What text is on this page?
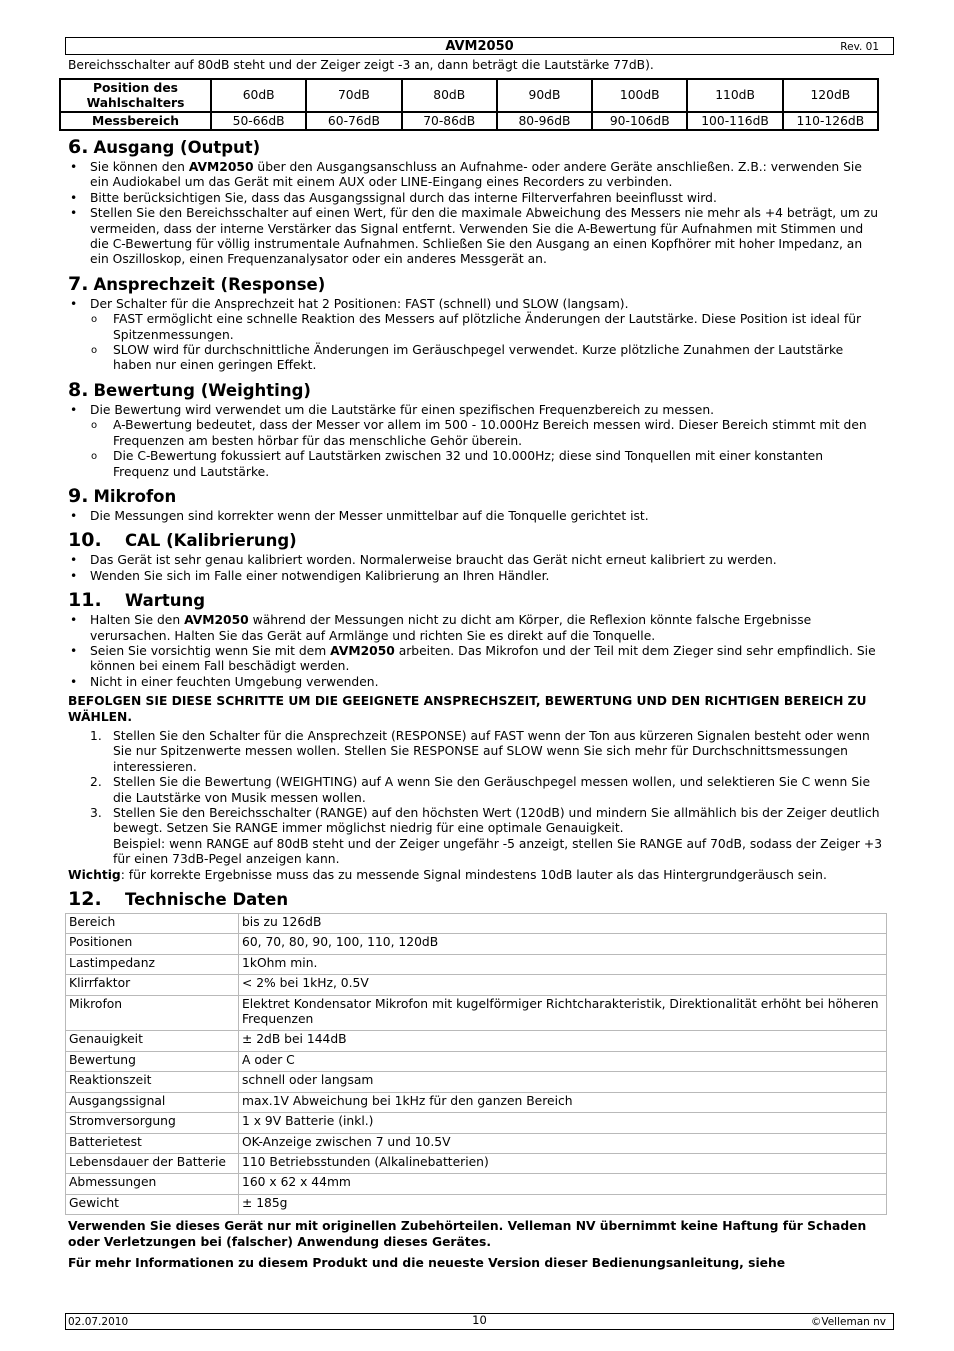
AVM2050	Rev. 01
Bereichsschalter auf 80dB steht und der Zeiger zeigt -3 an, dann beträgt die Lautstärke 77dB).
Position des Wahlschalters	60dB	70dB	80dB	90dB	100dB	110dB	120dB
Messbereich	50-66dB	60-76dB	70-86dB	80-96dB	90-106dB	100-116dB	110-126dB
6. Ausgang (Output)
• Sie können den AVM2050 über den Ausgangsanschluss an Aufnahme- oder andere Geräte anschließen. Z.B.: verwenden Sie ein Audiokabel um das Gerät mit einem AUX oder LINE-Eingang eines Recorders zu verbinden.
• Bitte berücksichtigen Sie, dass das Ausgangssignal durch das interne Filterverfahren beeinflusst wird.
• Stellen Sie den Bereichsschalter auf einen Wert, für den die maximale Abweichung des Messers nie mehr als +4 beträgt, um zu vermeiden, dass der interne Verstärker das Signal entfernt. Verwenden Sie die A-Bewertung für Aufnahmen mit Stimmen und die C-Bewertung für völlig instrumentale Aufnahmen. Schließen Sie den Ausgang an einen Kopfhörer mit hoher Impedanz, an ein Oszilloskop, einen Frequenzanalysator oder ein anderes Messgerät an.
7. Ansprechzeit (Response)
• Der Schalter für die Ansprechzeit hat 2 Positionen: FAST (schnell) und SLOW (langsam).
o FAST ermöglicht eine schnelle Reaktion des Messers auf plötzliche Änderungen der Lautstärke. Diese Position ist ideal für Spitzenmessungen.
o SLOW wird für durchschnittliche Änderungen im Geräuschpegel verwendet. Kurze plötzliche Zunahmen der Lautstärke haben nur einen geringen Effekt.
8. Bewertung (Weighting)
• Die Bewertung wird verwendet um die Lautstärke für einen spezifischen Frequenzbereich zu messen.
o A-Bewertung bedeutet, dass der Messer vor allem im 500 - 10.000Hz Bereich messen wird. Dieser Bereich stimmt mit den Frequenzen am besten hörbar für das menschliche Gehör überein.
o Die C-Bewertung fokussiert auf Lautstärken zwischen 32 und 10.000Hz; diese sind Tonquellen mit einer konstanten Frequenz und Lautstärke.
9. Mikrofon
• Die Messungen sind korrekter wenn der Messer unmittelbar auf die Tonquelle gerichtet ist.
10. CAL (Kalibrierung)
• Das Gerät ist sehr genau kalibriert worden. Normalerweise braucht das Gerät nicht erneut kalibriert zu werden.
• Wenden Sie sich im Falle einer notwendigen Kalibrierung an Ihren Händler.
11. Wartung
• Halten Sie den AVM2050 während der Messungen nicht zu dicht am Körper, die Reflexion könnte falsche Ergebnisse verursachen. Halten Sie das Gerät auf Armlänge und richten Sie es direkt auf die Tonquelle.
• Seien Sie vorsichtig wenn Sie mit dem AVM2050 arbeiten. Das Mikrofon und der Teil mit dem Zieger sind sehr empfindlich. Sie können bei einem Fall beschädigt werden.
• Nicht in einer feuchten Umgebung verwenden.

BEFOLGEN SIE DIESE SCHRITTE UM DIE GEEIGNETE ANSPRECHSZEIT, BEWERTUNG UND DEN RICHTIGEN BEREICH ZU WÄHLEN.

1. Stellen Sie den Schalter für die Ansprechzeit (RESPONSE) auf FAST wenn der Ton aus kürzeren Signalen besteht oder wenn Sie nur Spitzenwerte messen wollen. Stellen Sie RESPONSE auf SLOW wenn Sie sich mehr für Durchschnittsmessungen interessieren.
2. Stellen Sie die Bewertung (WEIGHTING) auf A wenn Sie den Geräuschpegel messen wollen, und selektieren Sie C wenn Sie die Lautstärke von Musik messen wollen.
3. Stellen Sie den Bereichsschalter (RANGE) auf den höchsten Wert (120dB) und mindern Sie allmählich bis der Zeiger deutlich bewegt. Setzen Sie RANGE immer möglichst niedrig für eine optimale Genauigkeit.
Beispiel: wenn RANGE auf 80dB steht und der Zeiger ungefähr -5 anzeigt, stellen Sie RANGE auf 70dB, sodass der Zeiger +3 für einen 73dB-Pegel anzeigen kann.

Wichtig: für korrekte Ergebnisse muss das zu messende Signal mindestens 10dB lauter als das Hintergrundgeräusch sein.

12. Technische Daten
Bereich	bis zu 126dB
Positionen	60, 70, 80, 90, 100, 110, 120dB
Lastimpedanz	1kOhm min.
Klirrfaktor	< 2% bei 1kHz, 0.5V
Mikrofon	Elektret Kondensator Mikrofon mit kugelförmiger Richtcharakteristik, Direktionalität erhöht bei höheren Frequenzen
Genauigkeit	± 2dB bei 144dB
Bewertung	A oder C
Reaktionszeit	schnell oder langsam
Ausgangssignal	max.1V Abweichung bei 1kHz für den ganzen Bereich
Stromversorgung	1 x 9V Batterie (inkl.)
Batterietest	OK-Anzeige zwischen 7 und 10.5V
Lebensdauer der Batterie	110 Betriebsstunden (Alkalinebatterien)
Abmessungen	160 x 62 x 44mm
Gewicht	± 185g

Verwenden Sie dieses Gerät nur mit originellen Zubehörteilen. Velleman NV übernimmt keine Haftung für Schaden oder Verletzungen bei (falscher) Anwendung dieses Gerätes.

Für mehr Informationen zu diesem Produkt und die neueste Version dieser Bedienungsanleitung, siehe

02.07.2010	10	©Velleman nv
